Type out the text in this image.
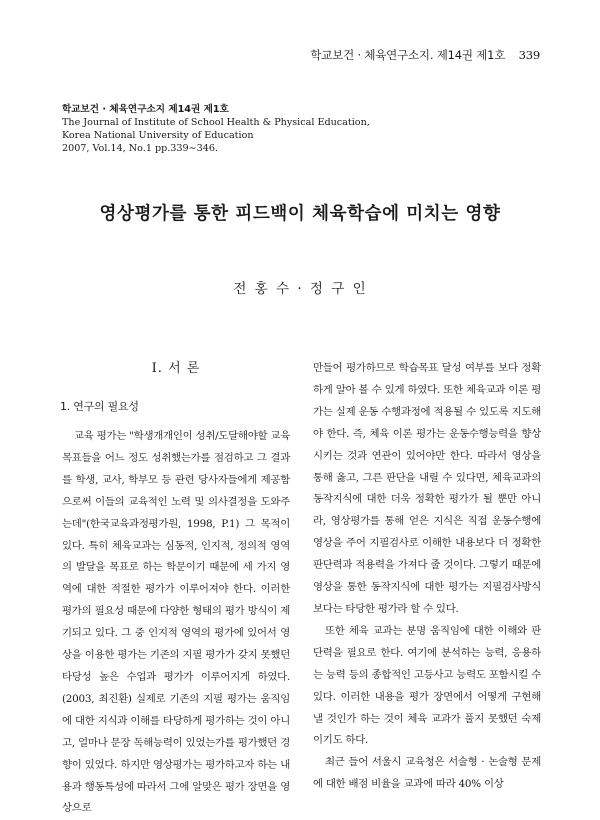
학교보건 · 체육연구소지. 제14권 제1호 339
학교보건 · 체육연구소지 제14권 제1호
The Journal of Institute of School Health & Physical Education,
Korea National University of Education
2007, Vol.14, No.1 pp.339∼346.
영상평가를 통한 피드백이 체육학습에 미치는 영향
전 홍 수 · 정 구 인
Ⅰ. 서 론
1. 연구의 필요성

교육 평가는 "학생개개인이 성취/도달해야할 교육목표들을 어느 정도 성취했는가를 점검하고 그 결과를 학생, 교사, 학부모 등 관련 당사자들에게 제공함으로써 이들의 교육적인 노력 및 의사결정을 도와주는데"(한국교육과정평가원, 1998, P.1) 그 목적이 있다. 특히 체육교과는 심동적, 인지적, 정의적 영역의 발달을 목표로 하는 학문이기 때문에 세 가지 영역에 대한 적절한 평가가 이루어져야 한다. 이러한 평가의 필요성 때문에 다양한 형태의 평가 방식이 제기되고 있다. 그 중 인지적 영역의 평가에 있어서 영상을 이용한 평가는 기존의 지필 평가가 갖지 못했던 타당성 높은 수업과 평가가 이루어지게 하였다.(2003, 최진환) 실제로 기존의 지필 평가는 움직임에 대한 지식과 이해를 타당하게 평가하는 것이 아니고, 얼마나 문장 독해능력이 있었는가를 평가했던 경향이 있었다. 하지만 영상평가는 평가하고자 하는 내용과 행동특성에 따라서 그에 알맞은 평가 장면을 영상으로

만들어 평가하므로 학습목표 달성 여부를 보다 정확하게 알아 볼 수 있게 하였다. 또한 체육교과 이론 평가는 실제 운동 수행과정에 적용될 수 있도록 지도해야 한다. 즉, 체육 이론 평가는 운동수행능력을 향상시키는 것과 연관이 있어야만 한다. 따라서 영상을 통해 옳고, 그른 판단을 내릴 수 있다면, 체육교과의 동작지식에 대한 더욱 정확한 평가가 될 뿐만 아니라, 영상평가를 통해 얻은 지식은 직접 운동수행에 영상을 주어 지필검사로 이해한 내용보다 더 정확한 판단력과 적용력을 가져다 줄 것이다. 그렇기 때문에 영상을 통한 동작지식에 대한 평가는 지필검사방식보다는 타당한 평가라 할 수 있다.

또한 체육 교과는 분명 움직임에 대한 이해와 판단력을 필요로 한다. 여기에 분석하는 능력, 응용하는 능력 등의 종합적인 고등사고 능력도 포함시킬 수 있다. 이러한 내용을 평가 장면에서 어떻게 구현해 낼 것인가 하는 것이 체육 교과가 풀지 못했던 숙제이기도 하다.

최근 들어 서울시 교육청은 서술형 · 논술형 문제에 대한 배점 비율을 교과에 따라 40% 이상
